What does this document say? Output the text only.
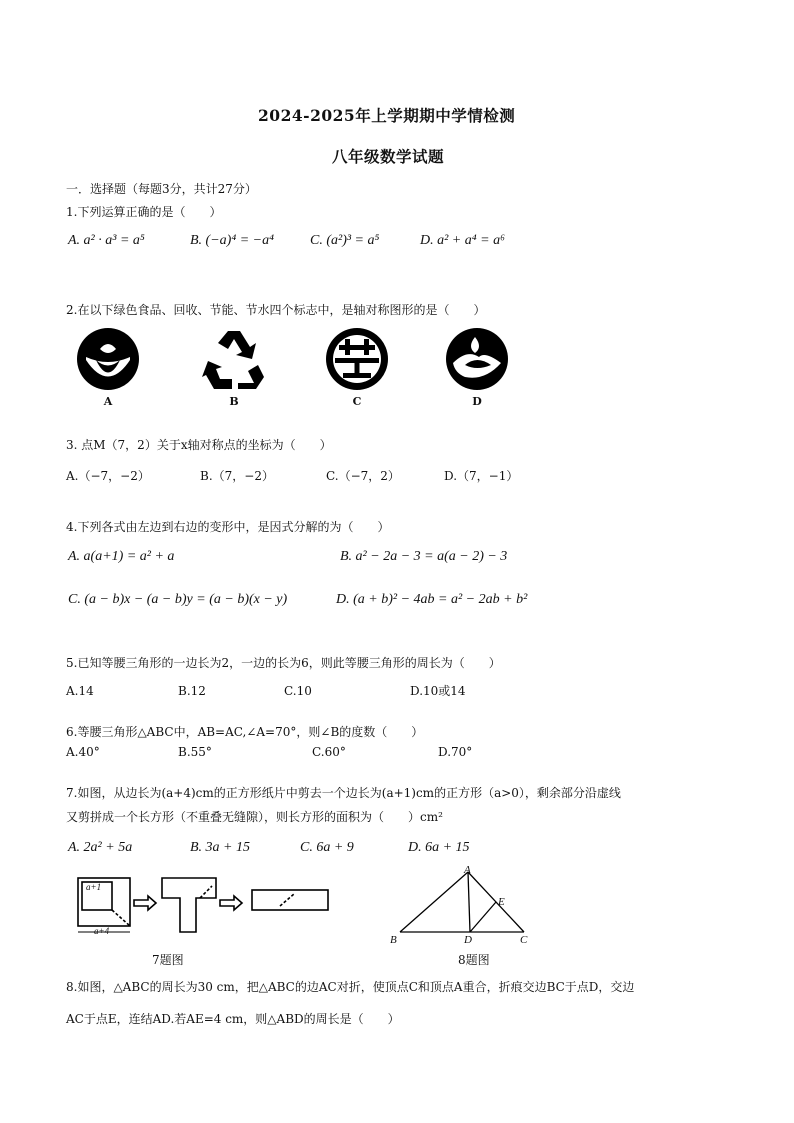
2024-2025年上学期期中学情检测
八年级数学试题
一．选择题（每题3分，共计27分）
1.下列运算正确的是（　　）
A. a² · a³ = a⁵	B. (−a)⁴ = −a⁴	C. (a²)³ = a⁵	D. a² + a⁴ = a⁶
2.在以下绿色食品、回收、节能、节水四个标志中，是轴对称图形的是（　　）
A	B	C	D
3. 点M（7，2）关于x轴对称点的坐标为（　　）
A.（−7，−2）	B.（7，−2）	C.（−7，2）	D.（7，−1）
4.下列各式由左边到右边的变形中，是因式分解的为（　　）
A. a(a+1) = a² + a	B. a² − 2a − 3 = a(a − 2) − 3
C. (a − b)x − (a − b)y = (a − b)(x − y)	D. (a + b)² − 4ab = a² − 2ab + b²
5.已知等腰三角形的一边长为2，一边的长为6，则此等腰三角形的周长为（　　）
A.14	B.12	C.10	D.10或14
6.等腰三角形△ABC中，AB=AC,∠A=70°，则∠B的度数（　　）
A.40°	B.55°	C.60°	D.70°
7.如图，从边长为(a+4)cm的正方形纸片中剪去一个边长为(a+1)cm的正方形（a>0），剩余部分沿虚线
又剪拼成一个长方形（不重叠无缝隙），则长方形的面积为（　　）cm²
A. 2a² + 5a	B. 3a + 15	C. 6a + 9	D. 6a + 15
a+1
a+4
7题图
A
B	C
D
E
8题图
8.如图，△ABC的周长为30 cm，把△ABC的边AC对折，使顶点C和顶点A重合，折痕交边BC于点D，交边
AC于点E，连结AD.若AE=4 cm，则△ABD的周长是（　　）
